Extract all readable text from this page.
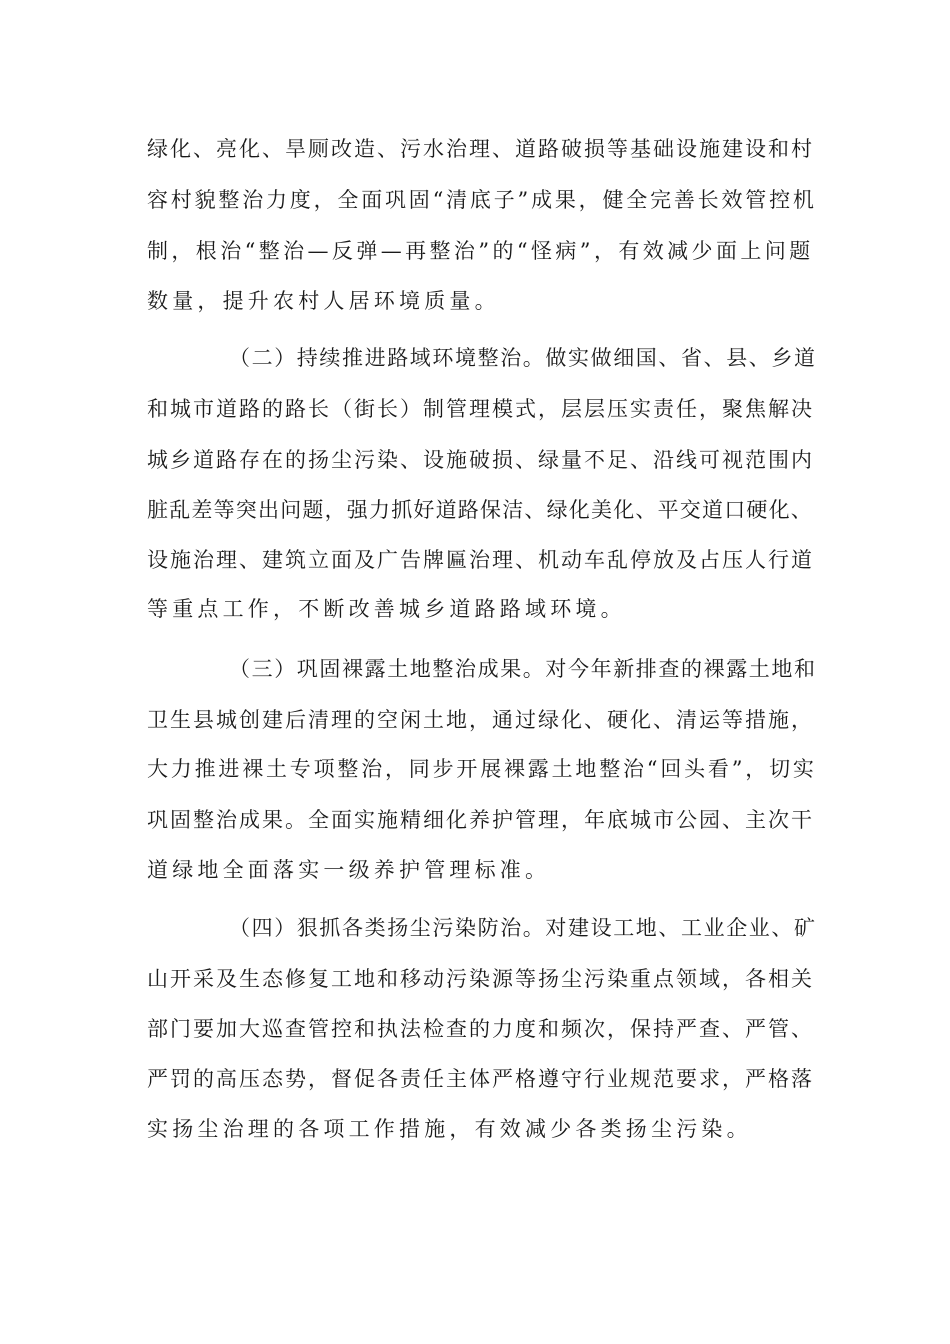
绿化、亮化、旱厕改造、污水治理、道路破损等基础设施建设和村
容村貌整治力度，全面巩固“清底子”成果，健全完善长效管控机
制，根治“整治—反弹—再整治”的“怪病”，有效减少面上问题
数量，提升农村人居环境质量。
（二）持续推进路域环境整治。做实做细国、省、县、乡道
和城市道路的路长（街长）制管理模式，层层压实责任，聚焦解决
城乡道路存在的扬尘污染、设施破损、绿量不足、沿线可视范围内
脏乱差等突出问题，强力抓好道路保洁、绿化美化、平交道口硬化、
设施治理、建筑立面及广告牌匾治理、机动车乱停放及占压人行道
等重点工作，不断改善城乡道路路域环境。
（三）巩固裸露土地整治成果。对今年新排查的裸露土地和
卫生县城创建后清理的空闲土地，通过绿化、硬化、清运等措施，
大力推进裸土专项整治，同步开展裸露土地整治“回头看”，切实
巩固整治成果。全面实施精细化养护管理，年底城市公园、主次干
道绿地全面落实一级养护管理标准。
（四）狠抓各类扬尘污染防治。对建设工地、工业企业、矿
山开采及生态修复工地和移动污染源等扬尘污染重点领域，各相关
部门要加大巡查管控和执法检查的力度和频次，保持严查、严管、
严罚的高压态势，督促各责任主体严格遵守行业规范要求，严格落
实扬尘治理的各项工作措施，有效减少各类扬尘污染。
